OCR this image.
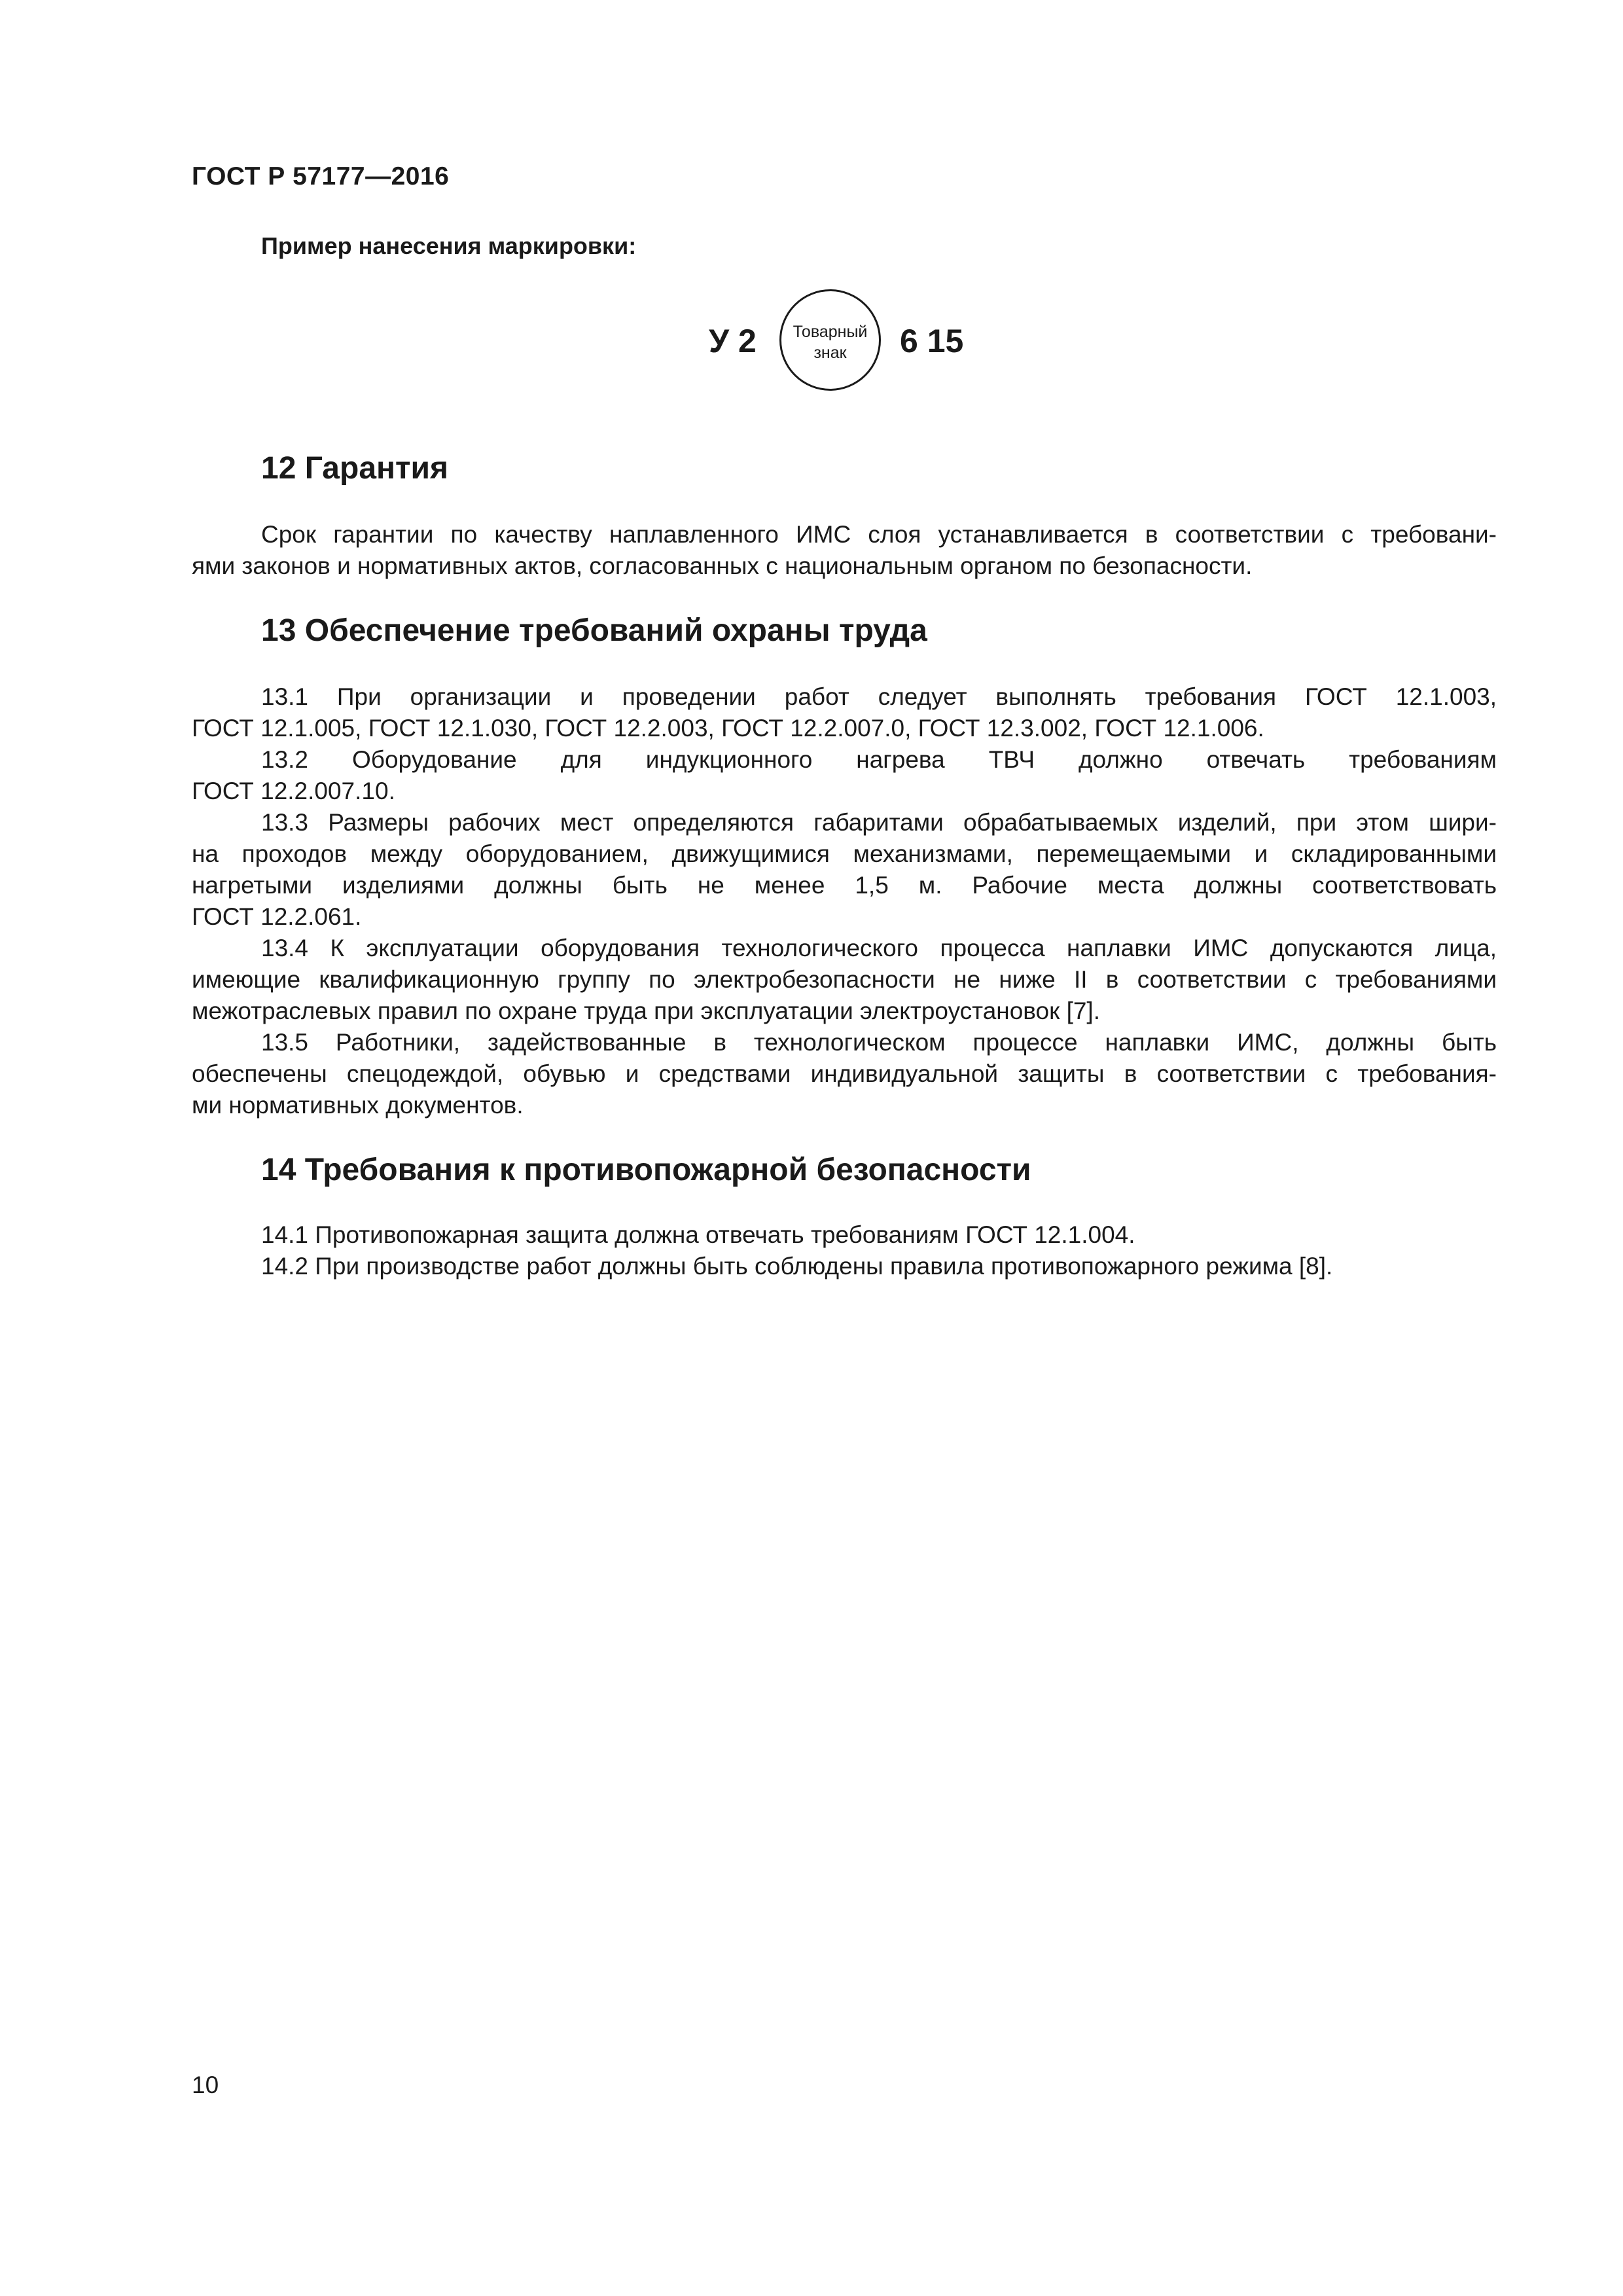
ГОСТ Р 57177—2016
Пример нанесения маркировки:
У 2	Товарный
знак	6 15
12 Гарантия
Срок гарантии по качеству наплавленного ИМС слоя устанавливается в соответствии с требовани-
ями законов и нормативных актов, согласованных с национальным органом по безопасности.
13 Обеспечение требований охраны труда
13.1 При организации и проведении работ следует выполнять требования ГОСТ 12.1.003,
ГОСТ 12.1.005, ГОСТ 12.1.030, ГОСТ 12.2.003, ГОСТ 12.2.007.0, ГОСТ 12.3.002, ГОСТ 12.1.006.
13.2 Оборудование для индукционного нагрева ТВЧ должно отвечать требованиям
ГОСТ 12.2.007.10.
13.3 Размеры рабочих мест определяются габаритами обрабатываемых изделий, при этом шири-
на проходов между оборудованием, движущимися механизмами, перемещаемыми и складированными
нагретыми изделиями должны быть не менее 1,5 м. Рабочие места должны соответствовать
ГОСТ 12.2.061.
13.4 К эксплуатации оборудования технологического процесса наплавки ИМС допускаются лица,
имеющие квалификационную группу по электробезопасности не ниже II в соответствии с требованиями
межотраслевых правил по охране труда при эксплуатации электроустановок [7].
13.5 Работники, задействованные в технологическом процессе наплавки ИМС, должны быть
обеспечены спецодеждой, обувью и средствами индивидуальной защиты в соответствии с требования-
ми нормативных документов.
14 Требования к противопожарной безопасности
14.1 Противопожарная защита должна отвечать требованиям ГОСТ 12.1.004.
14.2 При производстве работ должны быть соблюдены правила противопожарного режима [8].
10
